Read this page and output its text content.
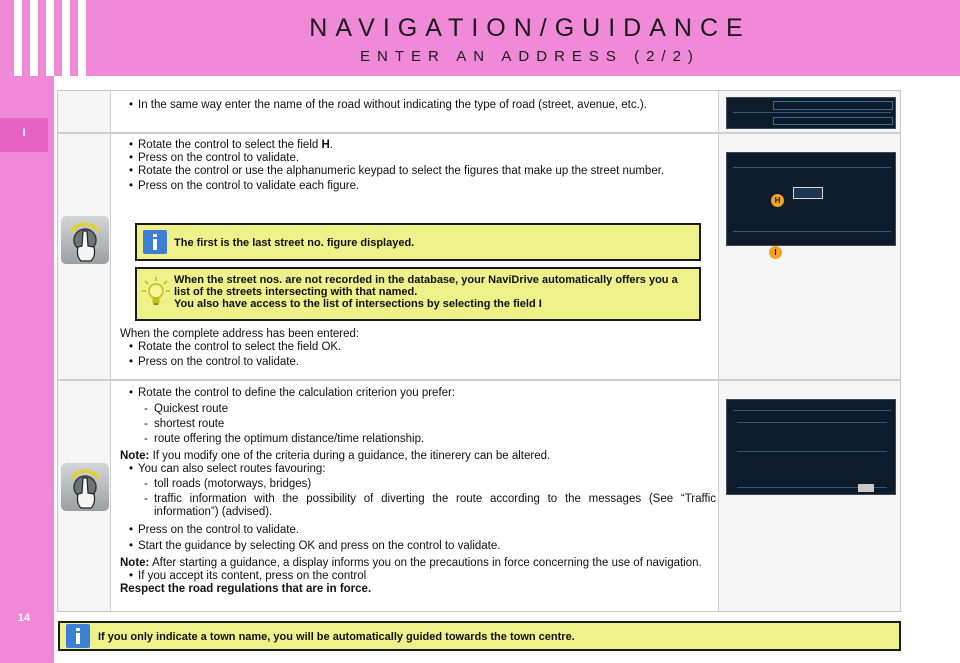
NAVIGATION/GUIDANCE
ENTER AN ADDRESS (2/2)
I
14
• In the same way enter the name of the road without indicating the type of road (street, avenue, etc.).
• Rotate the control to select the field H.
• Press on the control to validate.
• Rotate the control or use the alphanumeric keypad to select the figures that make up the street number.
• Press on the control to validate each figure.
The first is the last street no. figure displayed.
When the street nos. are not recorded in the database, your NaviDrive automatically offers you a list of the streets intersecting with that named.
You also have access to the list of intersections by selecting the field I
When the complete address has been entered:
• Rotate the control to select the field OK.
• Press on the control to validate.
H
I
• Rotate the control to define the calculation criterion you prefer:
- Quickest route
- shortest route
- route offering the optimum distance/time relationship.
Note: If you modify one of the criteria during a guidance, the itinerery can be altered.
• You can also select routes favouring:
- toll roads (motorways, bridges)
- traffic information with the possibility of diverting the route according to the messages (See “Traffic information”) (advised).
• Press on the control to validate.
• Start the guidance by selecting OK and press on the control to validate.
Note: After starting a guidance, a display informs you on the precautions in force concerning the use of navigation.
• If you accept its content, press on the control
Respect the road regulations that are in force.
If you only indicate a town name, you will be automatically guided towards the town centre.
